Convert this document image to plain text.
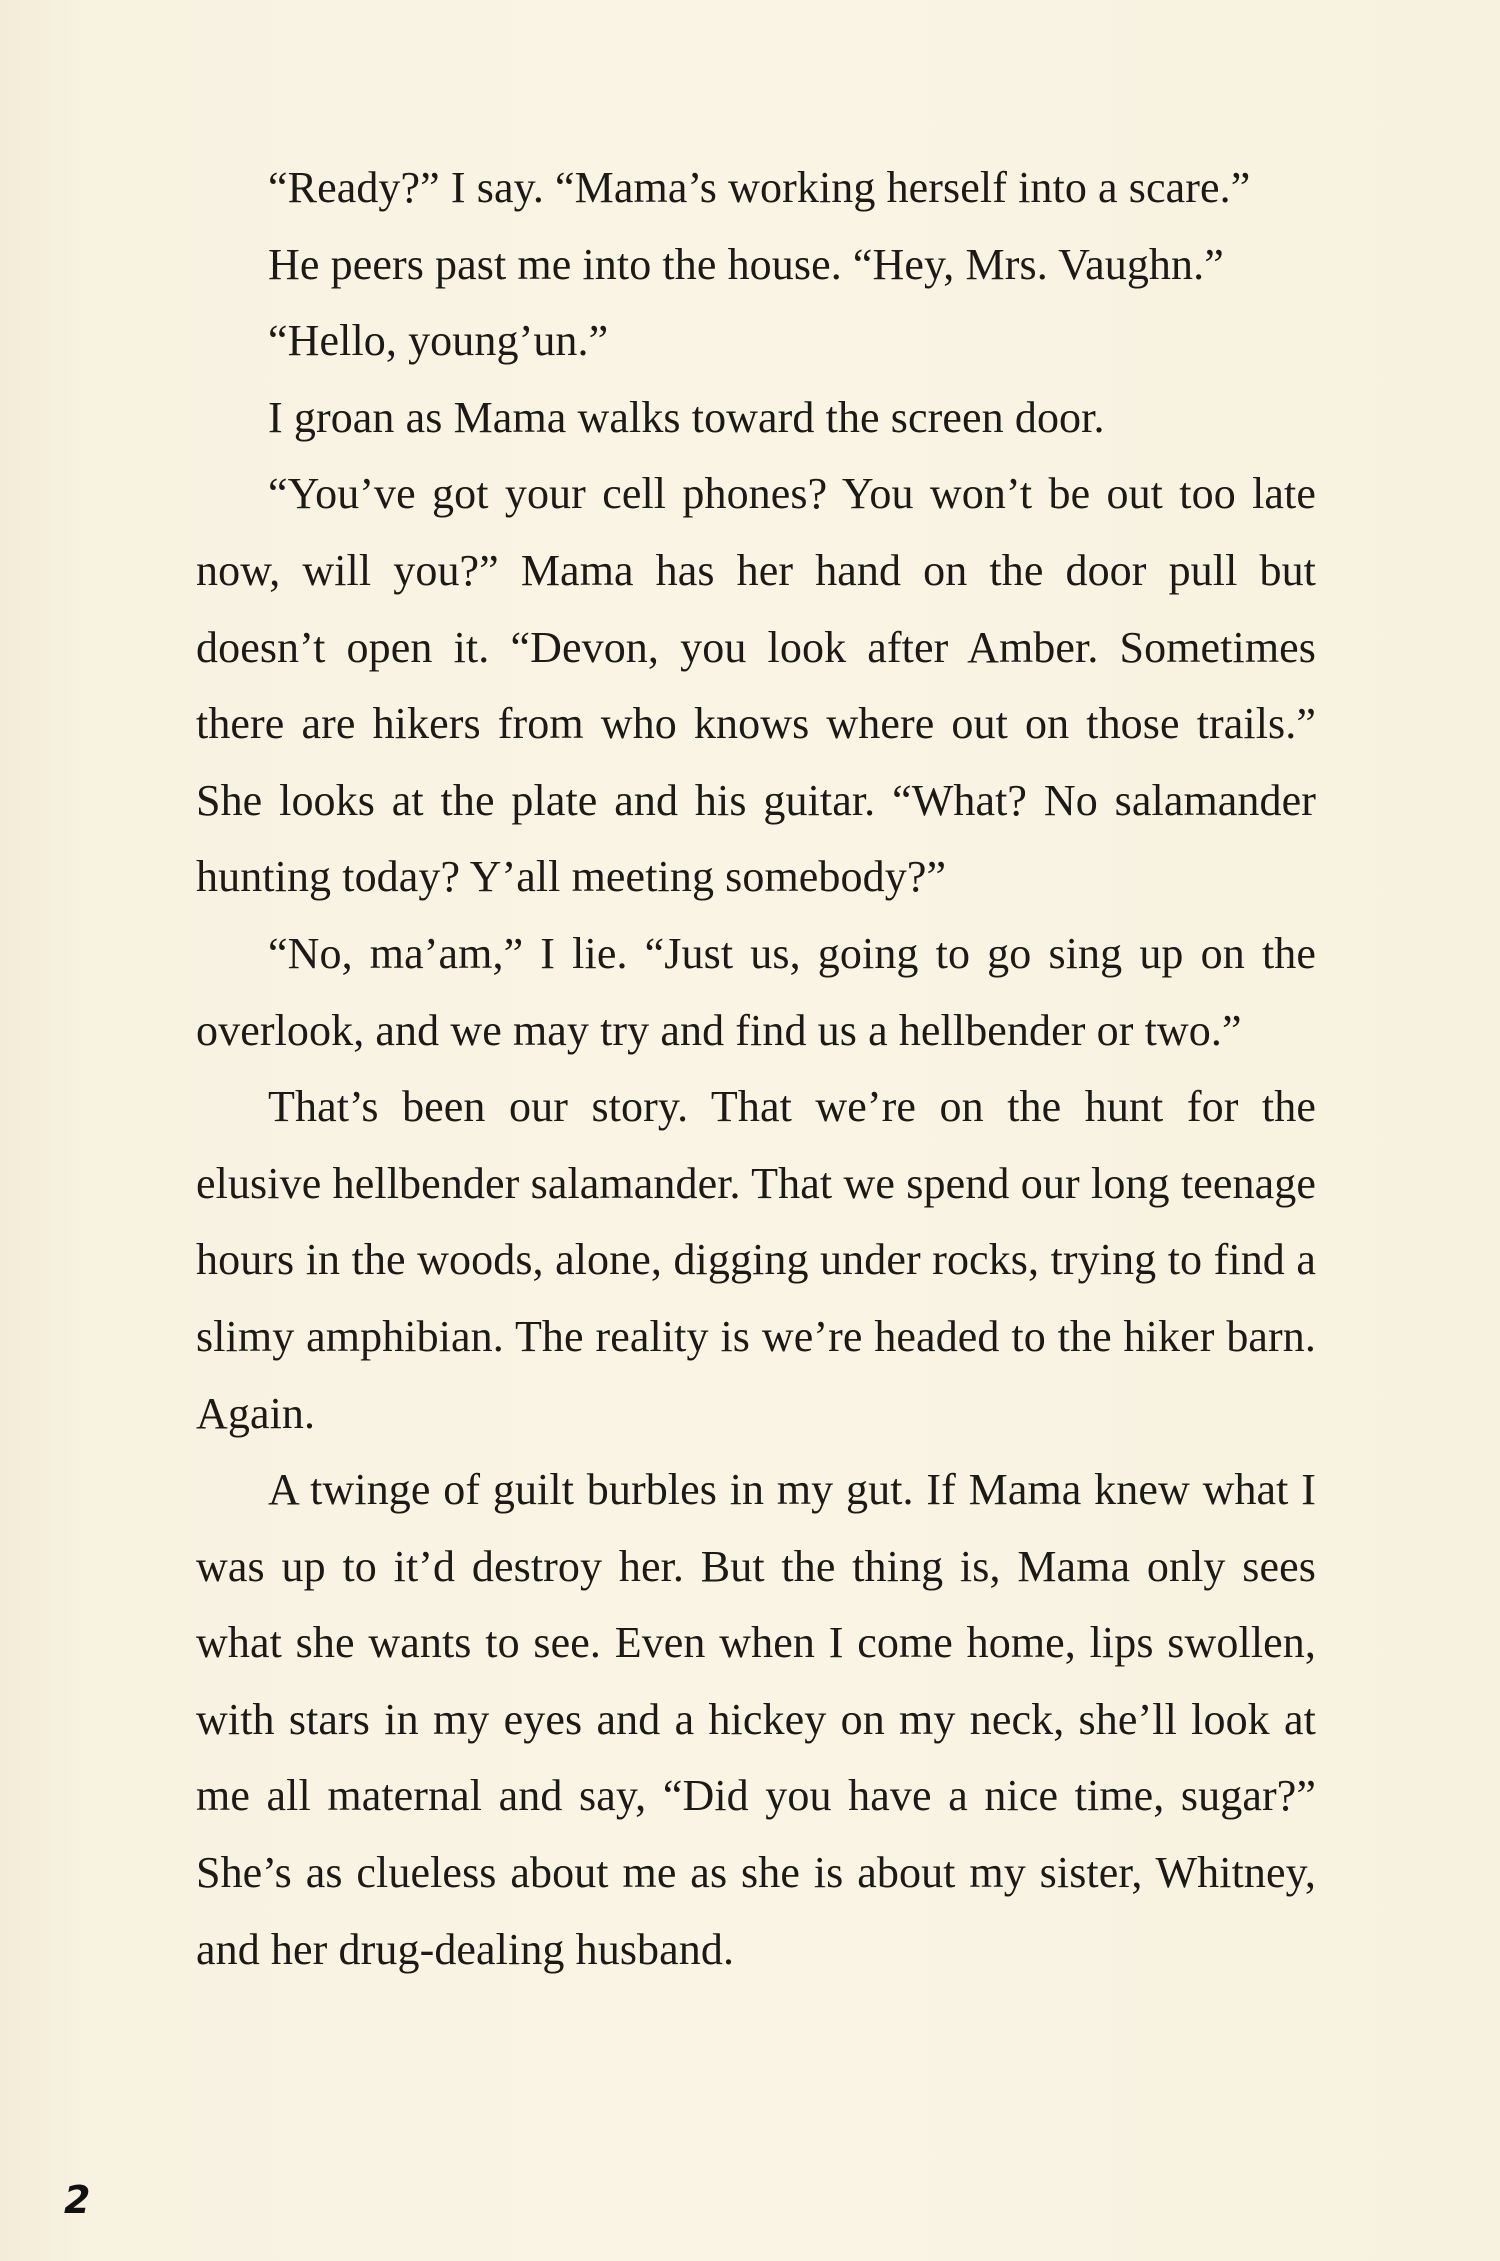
“Ready?” I say. “Mama’s working herself into a scare.”

He peers past me into the house. “Hey, Mrs. Vaughn.”

“Hello, young’un.”

I groan as Mama walks toward the screen door.

“You’ve got your cell phones? You won’t be out too late now, will you?” Mama has her hand on the door pull but doesn’t open it. “Devon, you look after Amber. Sometimes there are hikers from who knows where out on those trails.” She looks at the plate and his guitar. “What? No salamander hunting today? Y’all meeting somebody?”

“No, ma’am,” I lie. “Just us, going to go sing up on the overlook, and we may try and find us a hellbender or two.”

That’s been our story. That we’re on the hunt for the elusive hellbender salamander. That we spend our long teenage hours in the woods, alone, digging under rocks, trying to find a slimy amphibian. The reality is we’re headed to the hiker barn. Again.

A twinge of guilt burbles in my gut. If Mama knew what I was up to it’d destroy her. But the thing is, Mama only sees what she wants to see. Even when I come home, lips swollen, with stars in my eyes and a hickey on my neck, she’ll look at me all maternal and say, “Did you have a nice time, sugar?” She’s as clueless about me as she is about my sister, Whitney, and her drug-dealing husband.

2
